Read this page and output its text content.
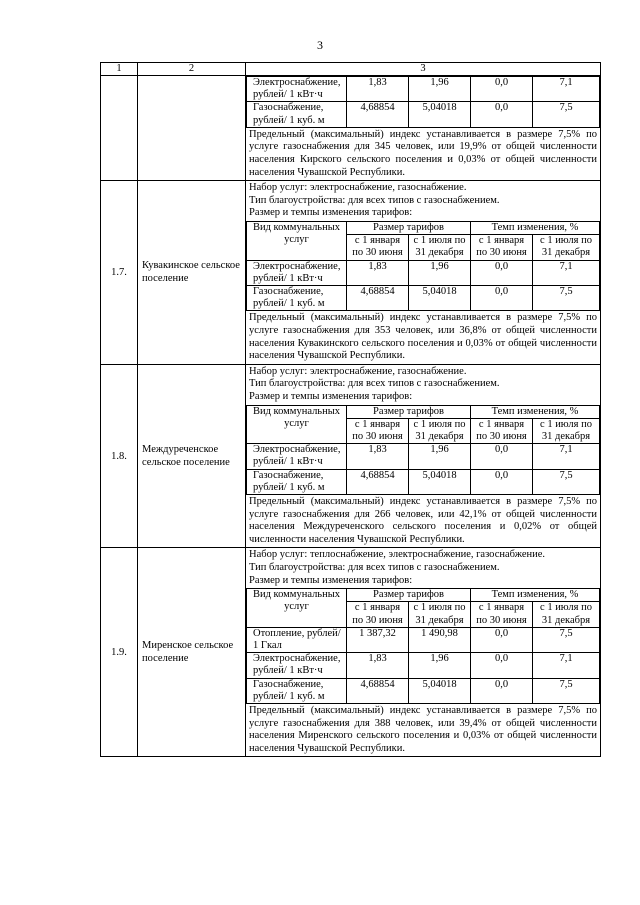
3
1	2	3

Электроснабжение, рублей/ 1 кВт·ч	1,83	1,96	0,0	7,1
Газоснабжение, рублей/ 1 куб. м	4,68854	5,04018	0,0	7,5
Предельный (максимальный) индекс устанавливается в размере 7,5% по услуге газоснабжения для 345 человек, или 19,9% от общей численности населения Кирского сельского поселения и 0,03% от общей численности населения Чувашской Республики.

1.7.	Кувакинское сельское поселение	
Набор услуг: электроснабжение, газоснабжение.
Тип благоустройства: для всех типов с газоснабжением.
Размер и темпы изменения тарифов:
Вид коммунальных услуг	Размер тарифов	Темп изменения, %
с 1 января по 30 июня	с 1 июля по 31 декабря	с 1 января по 30 июня	с 1 июля по 31 декабря
Электроснабжение, рублей/ 1 кВт·ч	1,83	1,96	0,0	7,1
Газоснабжение, рублей/ 1 куб. м	4,68854	5,04018	0,0	7,5
Предельный (максимальный) индекс устанавливается в размере 7,5% по услуге газоснабжения для 353 человек, или 36,8% от общей численности населения Кувакинского сельского поселения и 0,03% от общей численности населения Чувашской Республики.

1.8.	Междуреченское сельское поселение	
Набор услуг: электроснабжение, газоснабжение.
Тип благоустройства: для всех типов с газоснабжением.
Размер и темпы изменения тарифов:
Вид коммунальных услуг	Размер тарифов	Темп изменения, %
с 1 января по 30 июня	с 1 июля по 31 декабря	с 1 января по 30 июня	с 1 июля по 31 декабря
Электроснабжение, рублей/ 1 кВт·ч	1,83	1,96	0,0	7,1
Газоснабжение, рублей/ 1 куб. м	4,68854	5,04018	0,0	7,5
Предельный (максимальный) индекс устанавливается в размере 7,5% по услуге газоснабжения для 266 человек, или 42,1% от общей численности населения Междуреченского сельского поселения и 0,02% от общей численности населения Чувашской Республики.

1.9.	Миренское сельское поселение	
Набор услуг: теплоснабжение, электроснабжение, газоснабжение.
Тип благоустройства: для всех типов с газоснабжением.
Размер и темпы изменения тарифов:
Вид коммунальных услуг	Размер тарифов	Темп изменения, %
с 1 января по 30 июня	с 1 июля по 31 декабря	с 1 января по 30 июня	с 1 июля по 31 декабря
Отопление, рублей/ 1 Гкал	1 387,32	1 490,98	0,0	7,5
Электроснабжение, рублей/ 1 кВт·ч	1,83	1,96	0,0	7,1
Газоснабжение, рублей/ 1 куб. м	4,68854	5,04018	0,0	7,5
Предельный (максимальный) индекс устанавливается в размере 7,5% по услуге газоснабжения для 388 человек, или 39,4% от общей численности населения Миренского сельского поселения и 0,03% от общей численности населения Чувашской Республики.
